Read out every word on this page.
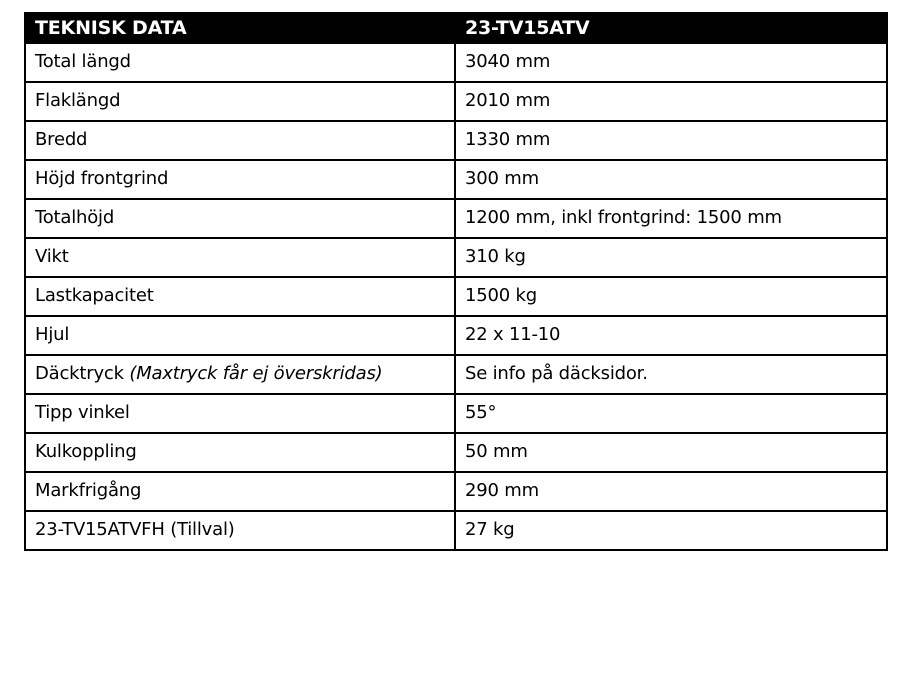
TEKNISK DATA	23-TV15ATV
Total längd	3040 mm
Flaklängd	2010 mm
Bredd	1330 mm
Höjd frontgrind	300 mm
Totalhöjd	1200 mm, inkl frontgrind: 1500 mm
Vikt	310 kg
Lastkapacitet	1500 kg
Hjul	22 x 11-10
Däcktryck (Maxtryck får ej överskridas)	Se info på däcksidor.
Tipp vinkel	55°
Kulkoppling	50 mm
Markfrigång	290 mm
23-TV15ATVFH (Tillval)	27 kg
